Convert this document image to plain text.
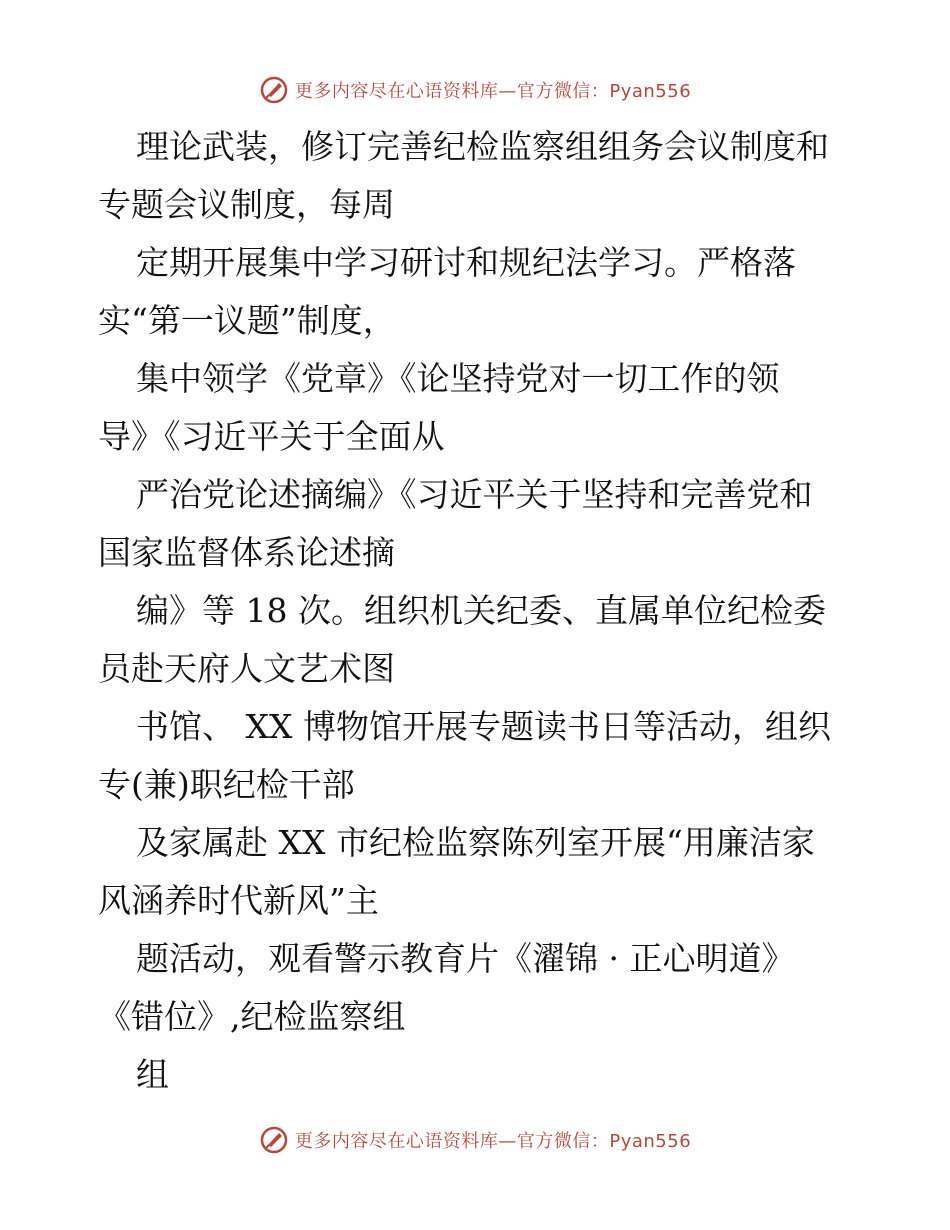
更多内容尽在心语资料库—官方微信：Pyan556
理论武装，修订完善纪检监察组组务会议制度和
专题会议制度，每周
定期开展集中学习研讨和规纪法学习。严格落
实“第一议题”制度，
集中领学《党章》《论坚持党对一切工作的领
导》《习近平关于全面从
严治党论述摘编》《习近平关于坚持和完善党和
国家监督体系论述摘
编》等 18 次。组织机关纪委、直属单位纪检委
员赴天府人文艺术图
书馆、 XX 博物馆开展专题读书日等活动，组织
专(兼)职纪检干部
及家属赴 XX 市纪检监察陈列室开展“用廉洁家
风涵养时代新风”主
题活动，观看警示教育片《濯锦 · 正心明道》
《错位》,纪检监察组
组
更多内容尽在心语资料库—官方微信：Pyan556
